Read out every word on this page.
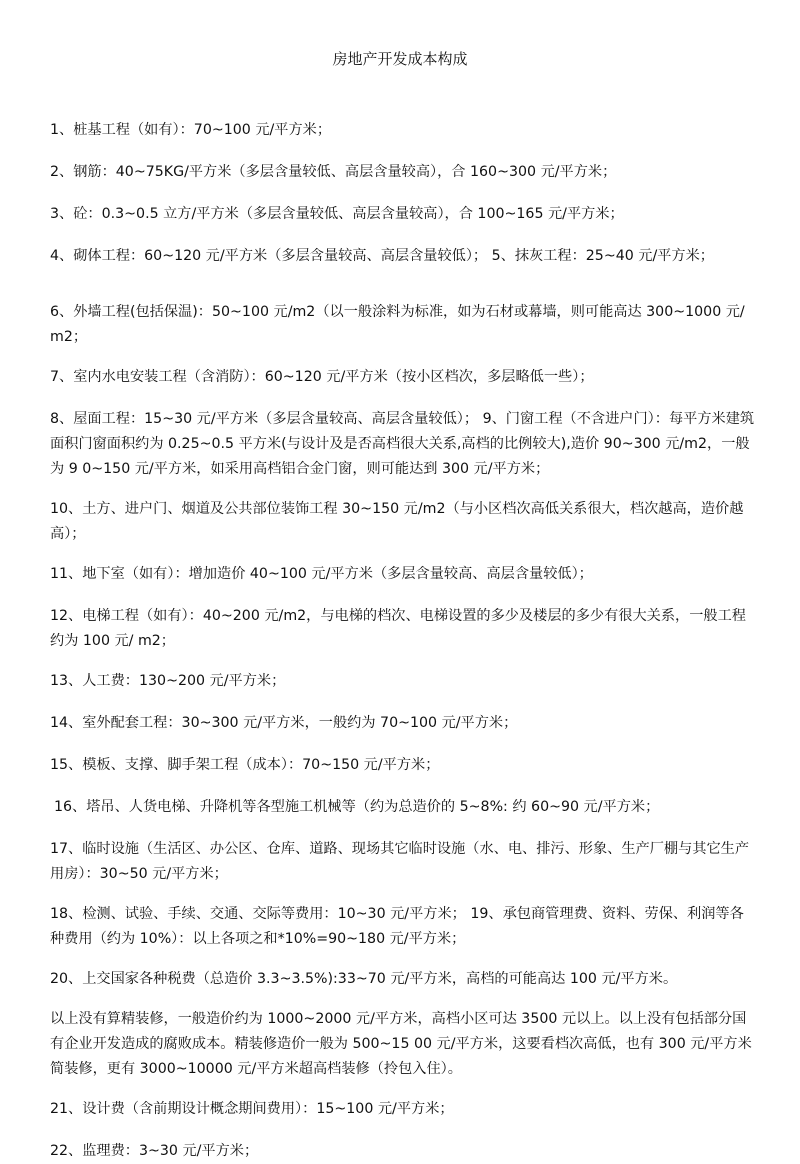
房地产开发成本构成

1、桩基工程（如有）：70~100 元/平方米；

2、钢筋：40~75KG/平方米（多层含量较低、高层含量较高），合 160~300 元/平方米；

3、砼：0.3~0.5 立方/平方米（多层含量较低、高层含量较高），合 100~165 元/平方米；

4、砌体工程：60~120 元/平方米（多层含量较高、高层含量较低）； 5、抹灰工程：25~40 元/平方米；

6、外墙工程(包括保温)：50~100 元/m2（以一般涂料为标准，如为石材或幕墙，则可能高达 300~1000 元/m2；

7、室内水电安装工程（含消防）：60~120 元/平方米（按小区档次，多层略低一些）；

8、屋面工程：15~30 元/平方米（多层含量较高、高层含量较低）； 9、门窗工程（不含进户门）：每平方米建筑面积门窗面积约为 0.25~0.5 平方米(与设计及是否高档很大关系,高档的比例较大),造价 90~300 元/m2，一般为 9 0~150 元/平方米，如采用高档铝合金门窗，则可能达到 300 元/平方米；

10、土方、进户门、烟道及公共部位装饰工程 30~150 元/m2（与小区档次高低关系很大，档次越高，造价越高）；

11、地下室（如有）：增加造价 40~100 元/平方米（多层含量较高、高层含量较低）；

12、电梯工程（如有）：40~200 元/m2，与电梯的档次、电梯设置的多少及楼层的多少有很大关系，一般工程约为 100 元/ m2；

13、人工费：130~200 元/平方米；

14、室外配套工程：30~300 元/平方米，一般约为 70~100 元/平方米；

15、模板、支撑、脚手架工程（成本）：70~150 元/平方米；

16、塔吊、人货电梯、升降机等各型施工机械等（约为总造价的 5~8%: 约 60~90 元/平方米；

17、临时设施（生活区、办公区、仓库、道路、现场其它临时设施（水、电、排污、形象、生产厂棚与其它生产用房）：30~50 元/平方米；

18、检测、试验、手续、交通、交际等费用：10~30 元/平方米； 19、承包商管理费、资料、劳保、利润等各种费用（约为 10%）：以上各项之和*10%=90~180 元/平方米；

20、上交国家各种税费（总造价 3.3~3.5%):33~70 元/平方米，高档的可能高达 100 元/平方米。

以上没有算精装修，一般造价约为 1000~2000 元/平方米，高档小区可达 3500 元以上。以上没有包括部分国有企业开发造成的腐败成本。精装修造价一般为 500~15 00 元/平方米，这要看档次高低，也有 300 元/平方米简装修，更有 3000~10000 元/平方米超高档装修（拎包入住）。

21、设计费（含前期设计概念期间费用）：15~100 元/平方米；

22、监理费：3~30 元/平方米；
